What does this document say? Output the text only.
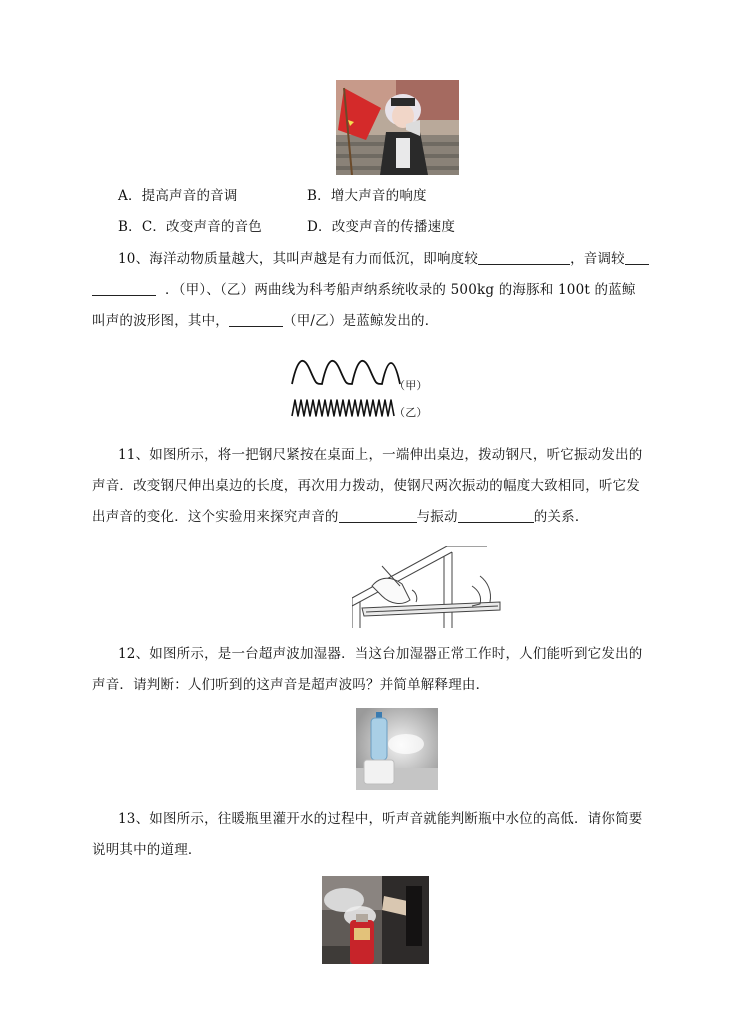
A．提高声音的音调	B．增大声音的响度
B．C．改变声音的音色	D．改变声音的传播速度
10、海洋动物质量越大，其叫声越是有力而低沉，即响度较	，音调较
．（甲）、（乙）两曲线为科考船声纳系统收录的 500kg 的海豚和 100t 的蓝鲸
叫声的波形图，其中，	（甲/乙）是蓝鲸发出的．
（甲）
（乙）
11、如图所示，将一把钢尺紧按在桌面上，一端伸出桌边，拨动钢尺，听它振动发出的
声音．改变钢尺伸出桌边的长度，再次用力拨动，使钢尺两次振动的幅度大致相同，听它发
出声音的变化．这个实验用来探究声音的	与振动	的关系．
12、如图所示，是一台超声波加湿器．当这台加湿器正常工作时，人们能听到它发出的
声音．请判断：人们听到的这声音是超声波吗？并简单解释理由．
13、如图所示，往暖瓶里灌开水的过程中，听声音就能判断瓶中水位的高低．请你简要
说明其中的道理．
